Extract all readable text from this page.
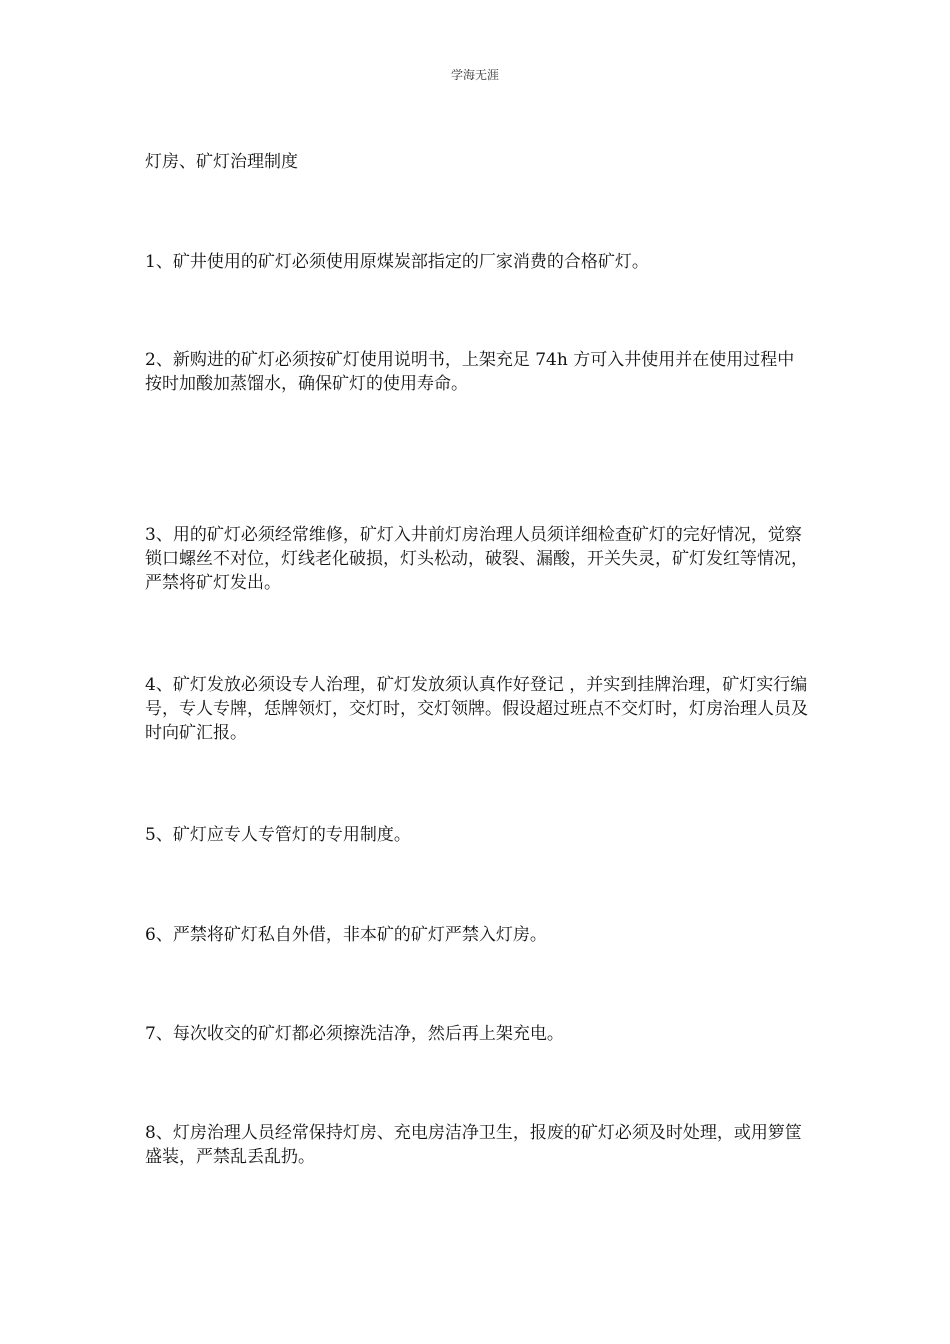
学海无涯
灯房、矿灯治理制度

1、矿井使用的矿灯必须使用原煤炭部指定的厂家消费的合格矿灯。

2、新购进的矿灯必须按矿灯使用说明书，上架充足 74h 方可入井使用并在使用过程中按时加酸加蒸馏水，确保矿灯的使用寿命。

3、用的矿灯必须经常维修，矿灯入井前灯房治理人员须详细检查矿灯的完好情况，觉察锁口螺丝不对位，灯线老化破损，灯头松动，破裂、漏酸，开关失灵，矿灯发红等情况，严禁将矿灯发出。

4、矿灯发放必须设专人治理，矿灯发放须认真作好登记 ，并实到挂牌治理，矿灯实行编号，专人专牌，恁牌领灯，交灯时，交灯领牌。假设超过班点不交灯时，灯房治理人员及时向矿汇报。

5、矿灯应专人专管灯的专用制度。

6、严禁将矿灯私自外借，非本矿的矿灯严禁入灯房。

7、每次收交的矿灯都必须擦洗洁净，然后再上架充电。

8、灯房治理人员经常保持灯房、充电房洁净卫生，报废的矿灯必须及时处理，或用箩筐盛装，严禁乱丢乱扔。
